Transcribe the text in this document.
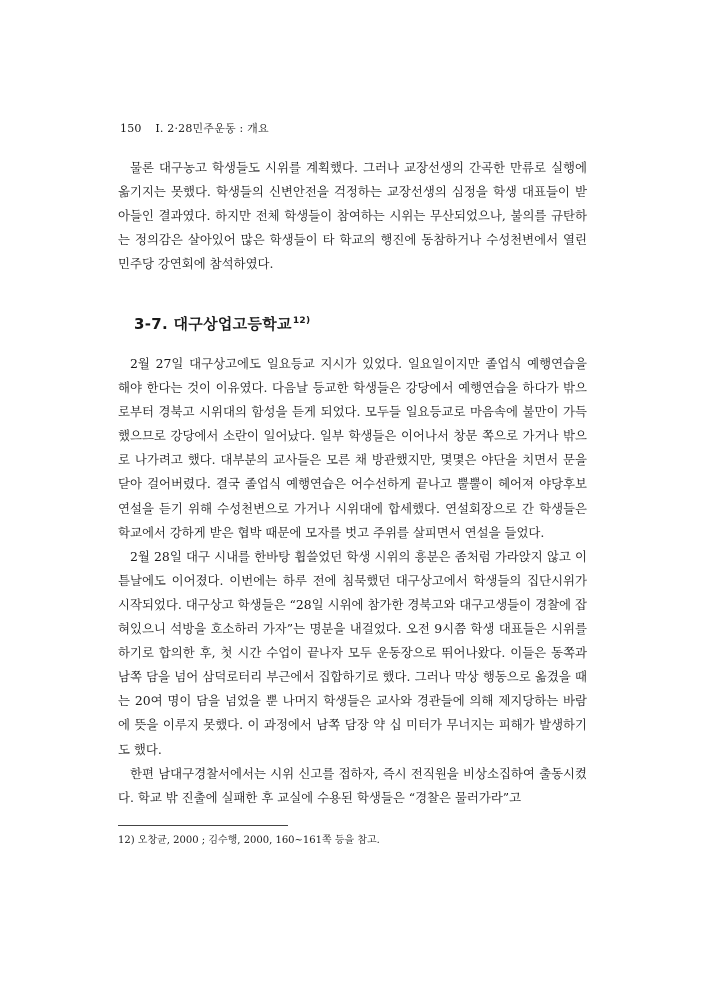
150 Ⅰ. 2·28민주운동 : 개요

물론 대구농고 학생들도 시위를 계획했다. 그러나 교장선생의 간곡한 만류로 실행에 옮기지는 못했다. 학생들의 신변안전을 걱정하는 교장선생의 심정을 학생 대표들이 받아들인 결과였다. 하지만 전체 학생들이 참여하는 시위는 무산되었으나, 불의를 규탄하는 정의감은 살아있어 많은 학생들이 타 학교의 행진에 동참하거나 수성천변에서 열린 민주당 강연회에 참석하였다.

3-7. 대구상업고등학교$^{12)}$

2월 27일 대구상고에도 일요등교 지시가 있었다. 일요일이지만 졸업식 예행연습을 해야 한다는 것이 이유였다. 다음날 등교한 학생들은 강당에서 예행연습을 하다가 밖으로부터 경북고 시위대의 함성을 듣게 되었다. 모두들 일요등교로 마음속에 불만이 가득했으므로 강당에서 소란이 일어났다. 일부 학생들은 이어나서 창문 쪽으로 가거나 밖으로 나가려고 했다. 대부분의 교사들은 모른 채 방관했지만, 몇몇은 야단을 치면서 문을 닫아 걸어버렸다. 결국 졸업식 예행연습은 어수선하게 끝나고 뿔뿔이 헤어져 야당후보 연설을 듣기 위해 수성천변으로 가거나 시위대에 합세했다. 연설회장으로 간 학생들은 학교에서 강하게 받은 협박 때문에 모자를 벗고 주위를 살피면서 연설을 들었다.

2월 28일 대구 시내를 한바탕 휩쓸었던 학생 시위의 흥분은 좀처럼 가라앉지 않고 이튿날에도 이어졌다. 이번에는 하루 전에 침묵했던 대구상고에서 학생들의 집단시위가 시작되었다. 대구상고 학생들은 “28일 시위에 참가한 경북고와 대구고생들이 경찰에 잡혀있으니 석방을 호소하러 가자”는 명분을 내걸었다. 오전 9시쯤 학생 대표들은 시위를 하기로 합의한 후, 첫 시간 수업이 끝나자 모두 운동장으로 뛰어나왔다. 이들은 동쪽과 남쪽 담을 넘어 삼덕로터리 부근에서 집합하기로 했다. 그러나 막상 행동으로 옮겼을 때는 20여 명이 담을 넘었을 뿐 나머지 학생들은 교사와 경관들에 의해 제지당하는 바람에 뜻을 이루지 못했다. 이 과정에서 남쪽 담장 약 십 미터가 무너지는 피해가 발생하기도 했다.

한편 남대구경찰서에서는 시위 신고를 접하자, 즉시 전직원을 비상소집하여 출동시켰다. 학교 밖 진출에 실패한 후 교실에 수용된 학생들은 “경찰은 물러가라”고

12) 오창균, 2000 ; 김수행, 2000, 160~161쪽 등을 참고.
